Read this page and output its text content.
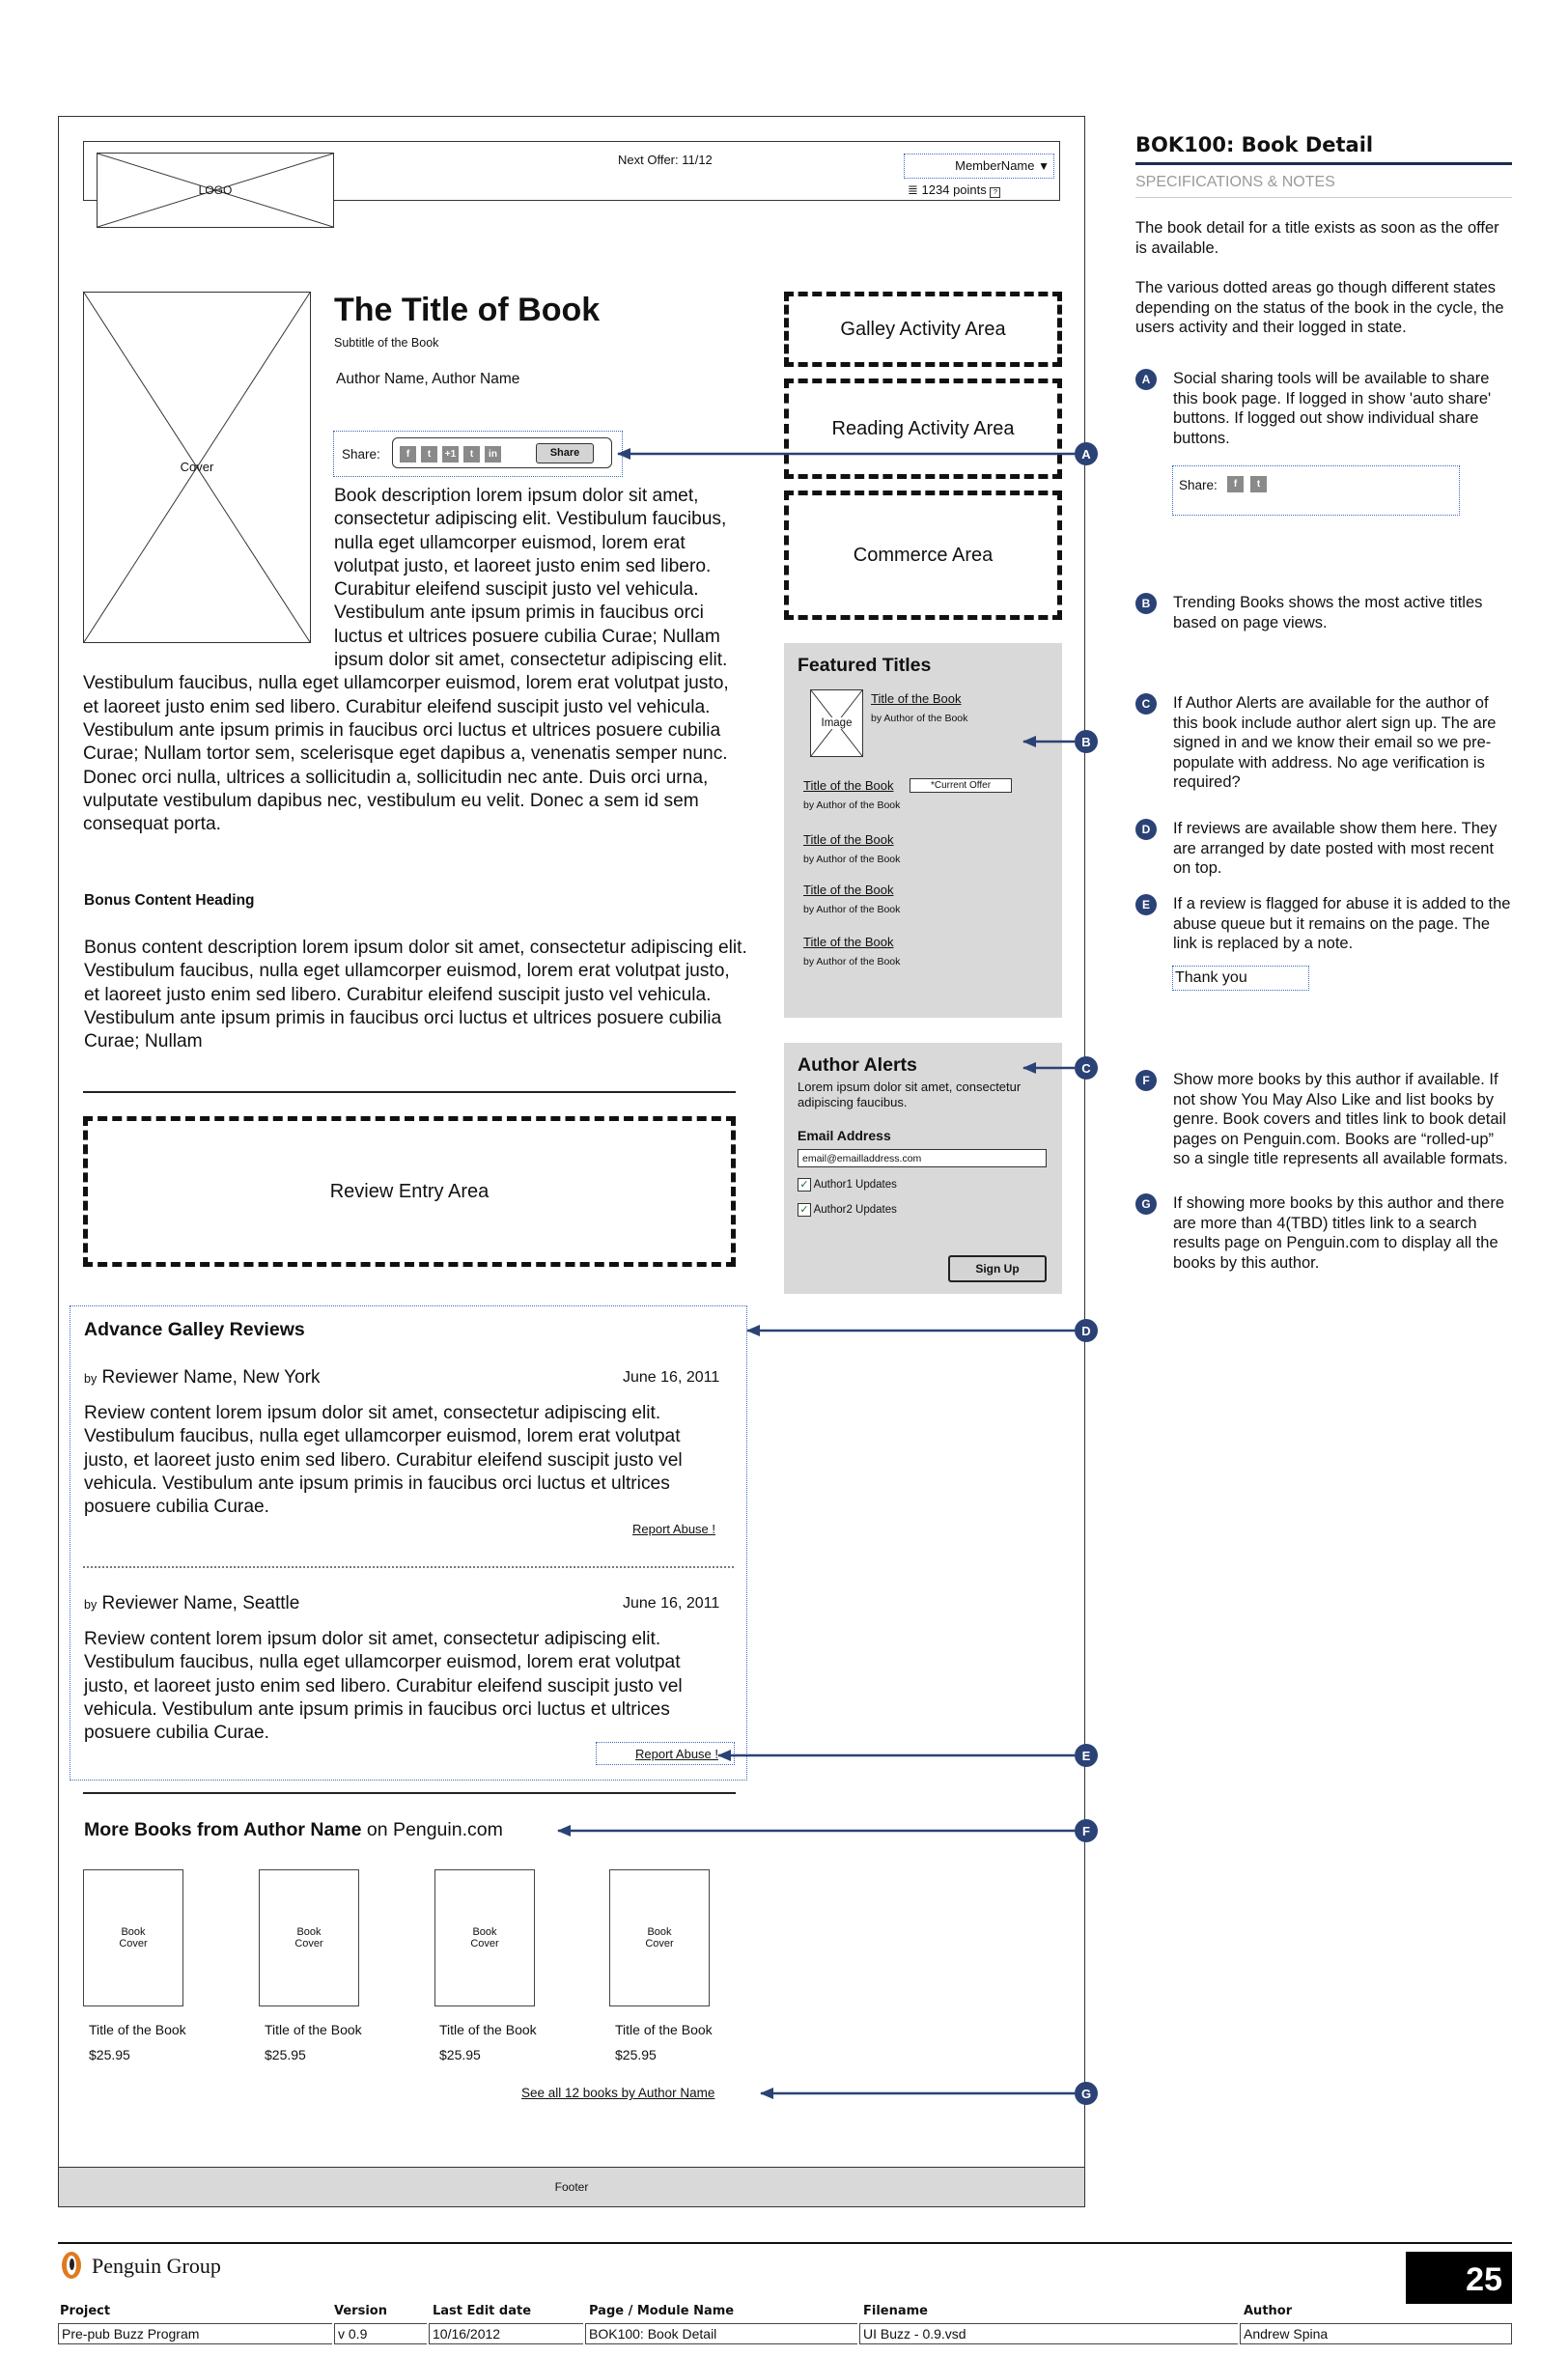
LOGO
Next Offer: 11/12	MemberName ▼
≣ 1234 points ?
Cover
The Title of Book
Subtitle of the Book
Author Name, Author Name
Share:	f t +1 t in	Share
Book description lorem ipsum dolor sit amet, consectetur adipiscing elit. Vestibulum faucibus, nulla eget ullamcorper euismod, lorem erat volutpat justo, et laoreet justo enim sed libero. Curabitur eleifend suscipit justo vel vehicula. Vestibulum ante ipsum primis in faucibus orci luctus et ultrices posuere cubilia Curae; Nullam ipsum dolor sit amet, consectetur adipiscing elit. Vestibulum faucibus, nulla eget ullamcorper euismod, lorem erat volutpat justo, et laoreet justo enim sed libero. Curabitur eleifend suscipit justo vel vehicula. Vestibulum ante ipsum primis in faucibus orci luctus et ultrices posuere cubilia Curae; Nullam tortor sem, scelerisque eget dapibus a, venenatis semper nunc. Donec orci nulla, ultrices a sollicitudin a, sollicitudin nec ante. Duis orci urna, vulputate vestibulum dapibus nec, vestibulum eu velit. Donec a sem id sem consequat porta.
Bonus Content Heading
Bonus content description lorem ipsum dolor sit amet, consectetur adipiscing elit. Vestibulum faucibus, nulla eget ullamcorper euismod, lorem erat volutpat justo, et laoreet justo enim sed libero. Curabitur eleifend suscipit justo vel vehicula. Vestibulum ante ipsum primis in faucibus orci luctus et ultrices posuere cubilia Curae; Nullam
Galley Activity Area
Reading Activity Area
Commerce Area
Featured Titles
Image
Title of the Book
by Author of the Book
Title of the Book	*Current Offer
by Author of the Book
Title of the Book
by Author of the Book
Title of the Book
by Author of the Book
Title of the Book
by Author of the Book
Author Alerts
Lorem ipsum dolor sit amet, consectetur adipiscing faucibus.
Email Address
email@emailladdress.com
✓ Author1 Updates
✓ Author2 Updates
Sign Up
Review Entry Area
Advance Galley Reviews
by Reviewer Name, New York	June 16, 2011
Review content lorem ipsum dolor sit amet, consectetur adipiscing elit. Vestibulum faucibus, nulla eget ullamcorper euismod, lorem erat volutpat justo, et laoreet justo enim sed libero. Curabitur eleifend suscipit justo vel vehicula. Vestibulum ante ipsum primis in faucibus orci luctus et ultrices posuere cubilia Curae.
Report Abuse !
by Reviewer Name, Seattle	June 16, 2011
Review content lorem ipsum dolor sit amet, consectetur adipiscing elit. Vestibulum faucibus, nulla eget ullamcorper euismod, lorem erat volutpat justo, et laoreet justo enim sed libero. Curabitur eleifend suscipit justo vel vehicula. Vestibulum ante ipsum primis in faucibus orci luctus et ultrices posuere cubilia Curae.
Report Abuse !
More Books from Author Name on Penguin.com
Book Cover
Book Cover
Book Cover
Book Cover
Title of the Book
$25.95
Title of the Book
$25.95
Title of the Book
$25.95
Title of the Book
$25.95
See all 12 books by Author Name
Footer
A
B
C
D
E
F
G
BOK100: Book Detail
SPECIFICATIONS & NOTES
The book detail for a title exists as soon as the offer is available.
The various dotted areas go though different states depending on the status of the book in the cycle, the users activity and their logged in state.
A	Social sharing tools will be available to share this book page. If logged in show 'auto share' buttons. If logged out show individual share buttons.
Share:	f	t
B	Trending Books shows the most active titles based on page views.
C	If Author Alerts are available for the author of this book include author alert sign up. The are signed in and we know their email so we pre-populate with address. No age verification is required?
D	If reviews are available show them here. They are arranged by date posted with most recent on top.
E	If a review is flagged for abuse it is added to the abuse queue but it remains on the page. The link is replaced by a note.
Thank you
F	Show more books by this author if available. If not show You May Also Like and list books by genre. Book covers and titles link to book detail pages on Penguin.com. Books are “rolled-up” so a single title represents all available formats.
G	If showing more books by this author and there are more than 4(TBD) titles link to a search results page on Penguin.com to display all the books by this author.
Penguin Group	25
Project
Pre-pub Buzz Program
Version
v 0.9
Last Edit date
10/16/2012
Page / Module Name
BOK100: Book Detail
Filename
UI Buzz - 0.9.vsd
Author
Andrew Spina
